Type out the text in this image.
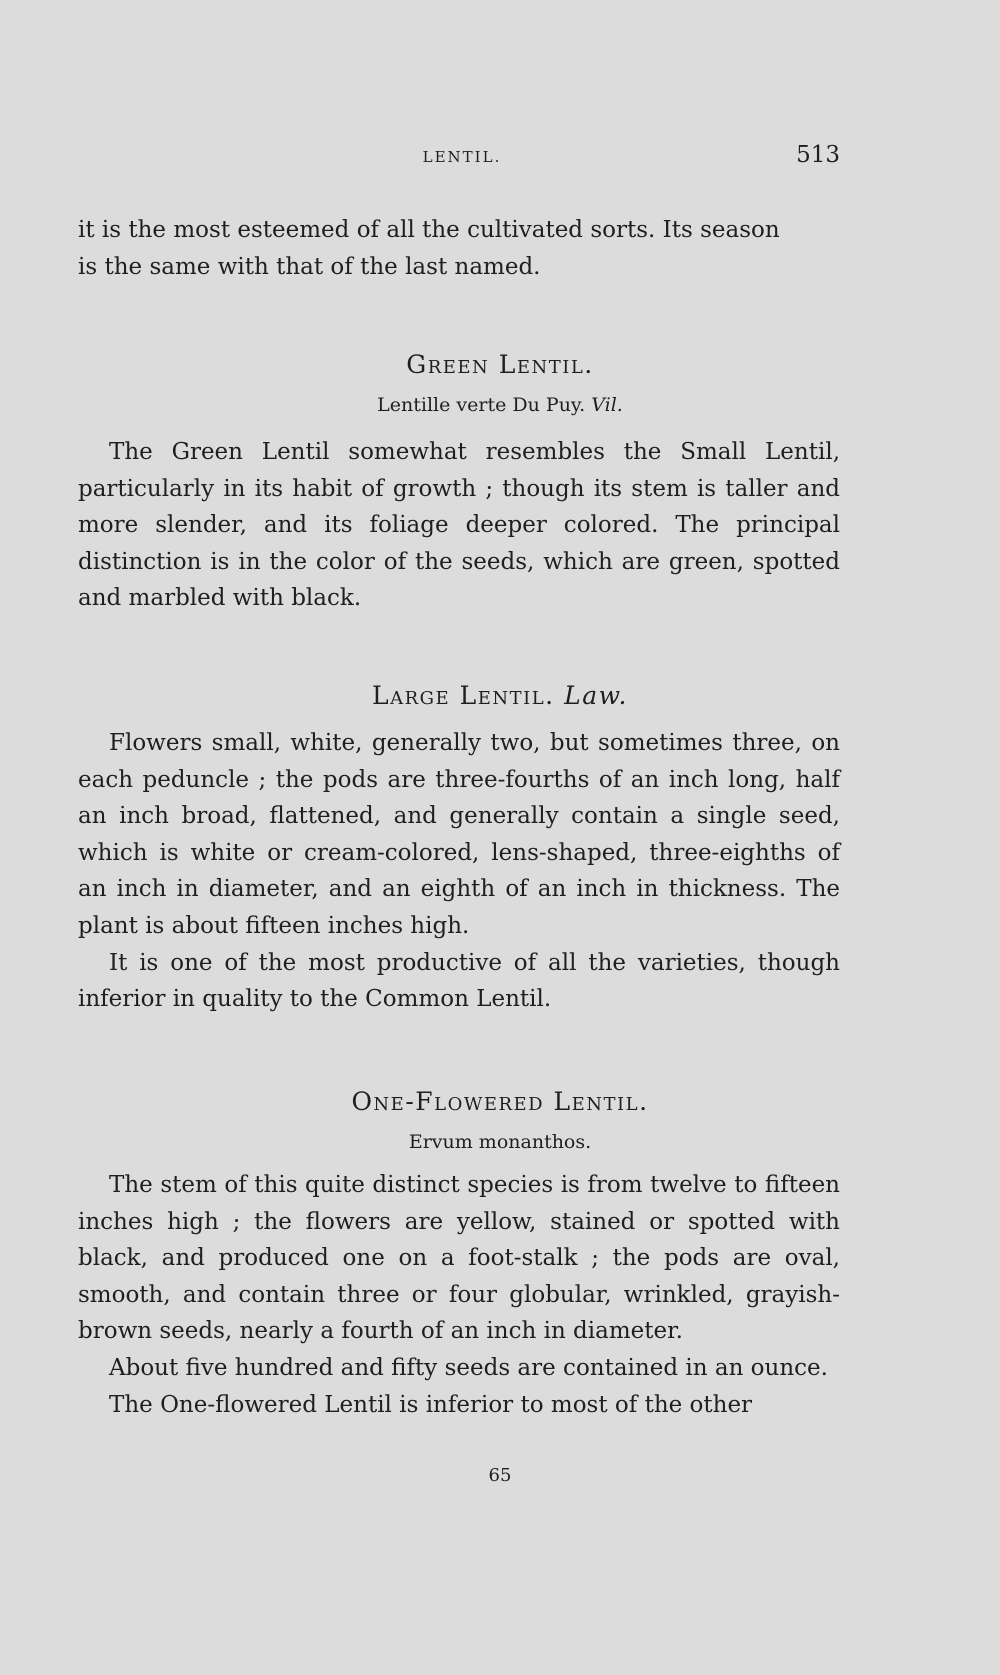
LENTIL.	513

it is the most esteemed of all the cultivated sorts. Its season

is the same with that of the last named.

Green Lentil.
Lentille verte Du Puy. Vil.

The Green Lentil somewhat resembles the Small Lentil, particularly in its habit of growth ; though its stem is taller and more slender, and its foliage deeper colored. The principal distinction is in the color of the seeds, which are green, spotted and marbled with black.

Large Lentil. Law.

Flowers small, white, generally two, but sometimes three, on each peduncle ; the pods are three-fourths of an inch long, half an inch broad, flattened, and generally contain a single seed, which is white or cream-colored, lens-shaped, three-eighths of an inch in diameter, and an eighth of an inch in thickness. The plant is about fifteen inches high.

It is one of the most productive of all the varieties, though inferior in quality to the Common Lentil.

One-Flowered Lentil.
Ervum monanthos.

The stem of this quite distinct species is from twelve to fifteen inches high ; the flowers are yellow, stained or spotted with black, and produced one on a foot-stalk ; the pods are oval, smooth, and contain three or four globular, wrinkled, grayish-brown seeds, nearly a fourth of an inch in diameter.

About five hundred and fifty seeds are contained in an ounce.

The One-flowered Lentil is inferior to most of the other

65
